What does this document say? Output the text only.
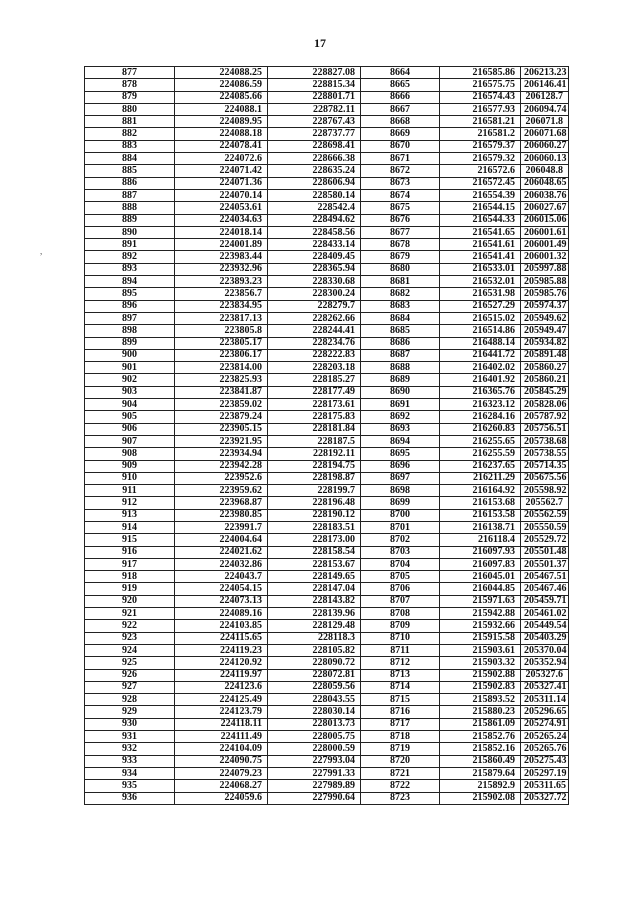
17
,
877	224088.25	228827.08	8664	216585.86	206213.23
878	224086.59	228815.34	8665	216575.75	206146.41
879	224085.66	228801.71	8666	216574.43	206128.7
880	224088.1	228782.11	8667	216577.93	206094.74
881	224089.95	228767.43	8668	216581.21	206071.8
882	224088.18	228737.77	8669	216581.2	206071.68
883	224078.41	228698.41	8670	216579.37	206060.27
884	224072.6	228666.38	8671	216579.32	206060.13
885	224071.42	228635.24	8672	216572.6	206048.8
886	224071.36	228606.94	8673	216572.45	206048.65
887	224070.14	228580.14	8674	216554.39	206038.76
888	224053.61	228542.4	8675	216544.15	206027.67
889	224034.63	228494.62	8676	216544.33	206015.06
890	224018.14	228458.56	8677	216541.65	206001.61
891	224001.89	228433.14	8678	216541.61	206001.49
892	223983.44	228409.45	8679	216541.41	206001.32
893	223932.96	228365.94	8680	216533.01	205997.88
894	223893.23	228330.68	8681	216532.01	205985.88
895	223856.7	228300.24	8682	216531.98	205985.76
896	223834.95	228279.7	8683	216527.29	205974.37
897	223817.13	228262.66	8684	216515.02	205949.62
898	223805.8	228244.41	8685	216514.86	205949.47
899	223805.17	228234.76	8686	216488.14	205934.82
900	223806.17	228222.83	8687	216441.72	205891.48
901	223814.00	228203.18	8688	216402.02	205860.27
902	223825.93	228185.27	8689	216401.92	205860.21
903	223841.87	228177.49	8690	216365.76	205845.29
904	223859.02	228173.61	8691	216323.12	205828.06
905	223879.24	228175.83	8692	216284.16	205787.92
906	223905.15	228181.84	8693	216260.83	205756.51
907	223921.95	228187.5	8694	216255.65	205738.68
908	223934.94	228192.11	8695	216255.59	205738.55
909	223942.28	228194.75	8696	216237.65	205714.35
910	223952.6	228198.87	8697	216211.29	205675.56
911	223959.62	228199.7	8698	216164.92	205598.92
912	223968.87	228196.48	8699	216153.68	205562.7
913	223980.85	228190.12	8700	216153.58	205562.59
914	223991.7	228183.51	8701	216138.71	205550.59
915	224004.64	228173.00	8702	216118.4	205529.72
916	224021.62	228158.54	8703	216097.93	205501.48
917	224032.86	228153.67	8704	216097.83	205501.37
918	224043.7	228149.65	8705	216045.01	205467.51
919	224054.15	228147.04	8706	216044.85	205467.46
920	224073.13	228143.82	8707	215971.63	205459.71
921	224089.16	228139.96	8708	215942.88	205461.02
922	224103.85	228129.48	8709	215932.66	205449.54
923	224115.65	228118.3	8710	215915.58	205403.29
924	224119.23	228105.82	8711	215903.61	205370.04
925	224120.92	228090.72	8712	215903.32	205352.94
926	224119.97	228072.81	8713	215902.88	205327.6
927	224123.6	228059.56	8714	215902.83	205327.41
928	224125.49	228043.55	8715	215893.52	205311.14
929	224123.79	228030.14	8716	215880.23	205296.65
930	224118.11	228013.73	8717	215861.09	205274.91
931	224111.49	228005.75	8718	215852.76	205265.24
932	224104.09	228000.59	8719	215852.16	205265.76
933	224090.75	227993.04	8720	215860.49	205275.43
934	224079.23	227991.33	8721	215879.64	205297.19
935	224068.27	227989.89	8722	215892.9	205311.65
936	224059.6	227990.64	8723	215902.08	205327.72
